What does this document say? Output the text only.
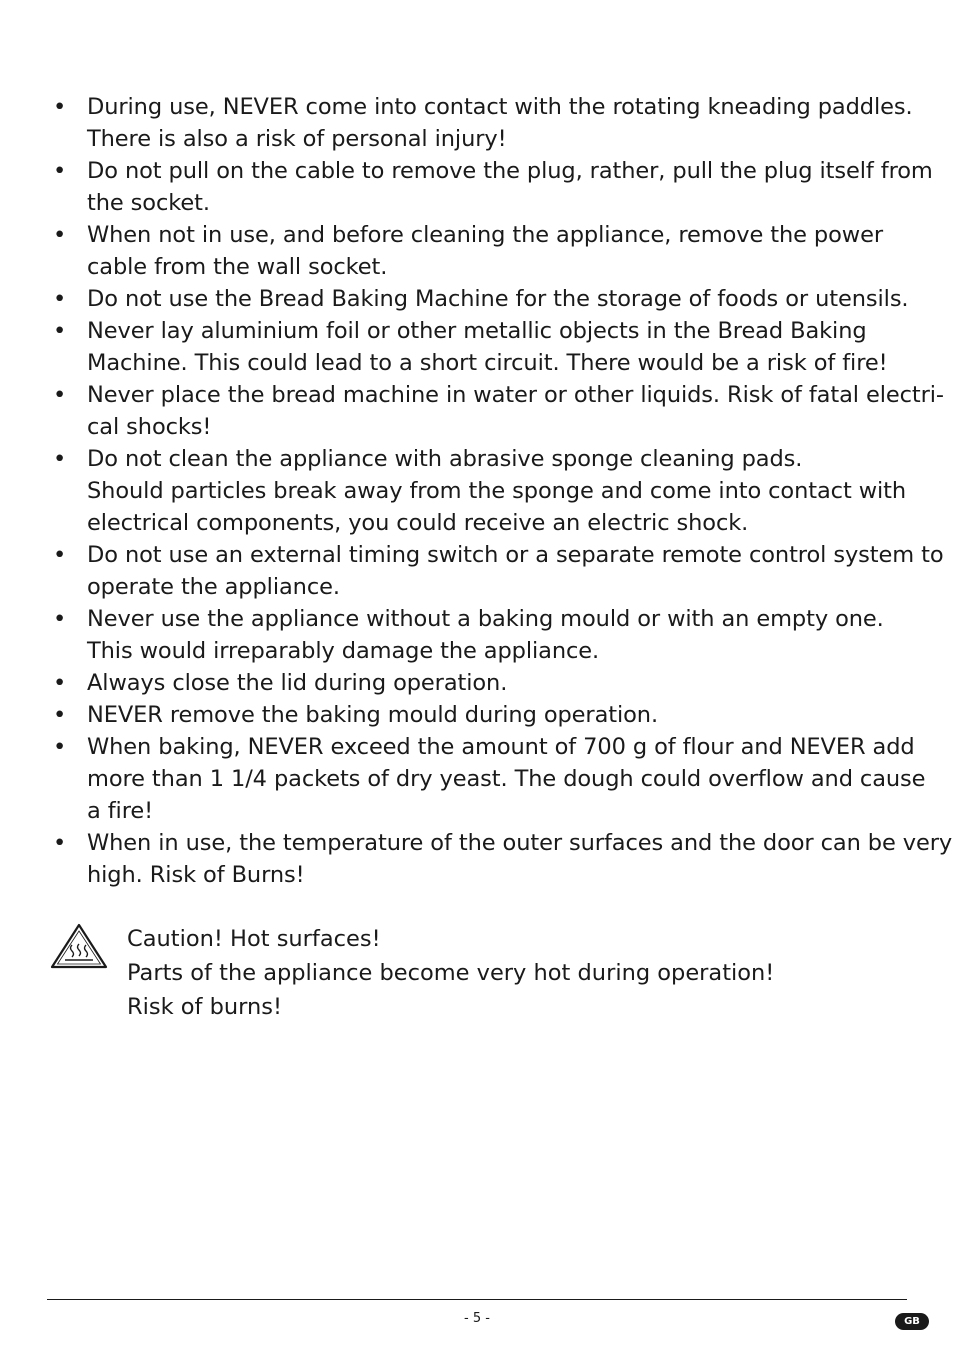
• During use, NEVER come into contact with the rotating kneading paddles.
There is also a risk of personal injury!
• Do not pull on the cable to remove the plug, rather, pull the plug itself from
the socket.
• When not in use, and before cleaning the appliance, remove the power
cable from the wall socket.
• Do not use the Bread Baking Machine for the storage of foods or utensils.
• Never lay aluminium foil or other metallic objects in the Bread Baking
Machine. This could lead to a short circuit. There would be a risk of fire!
• Never place the bread machine in water or other liquids. Risk of fatal electri-
cal shocks!
• Do not clean the appliance with abrasive sponge cleaning pads.
Should particles break away from the sponge and come into contact with
electrical components, you could receive an electric shock.
• Do not use an external timing switch or a separate remote control system to
operate the appliance.
• Never use the appliance without a baking mould or with an empty one.
This would irreparably damage the appliance.
• Always close the lid during operation.
• NEVER remove the baking mould during operation.
• When baking, NEVER exceed the amount of 700 g of flour and NEVER add
more than 1 1/4 packets of dry yeast. The dough could overflow and cause
a fire!
• When in use, the temperature of the outer surfaces and the door can be very
high. Risk of Burns!
Caution! Hot surfaces!
Parts of the appliance become very hot during operation!
Risk of burns!
- 5 -	GB
